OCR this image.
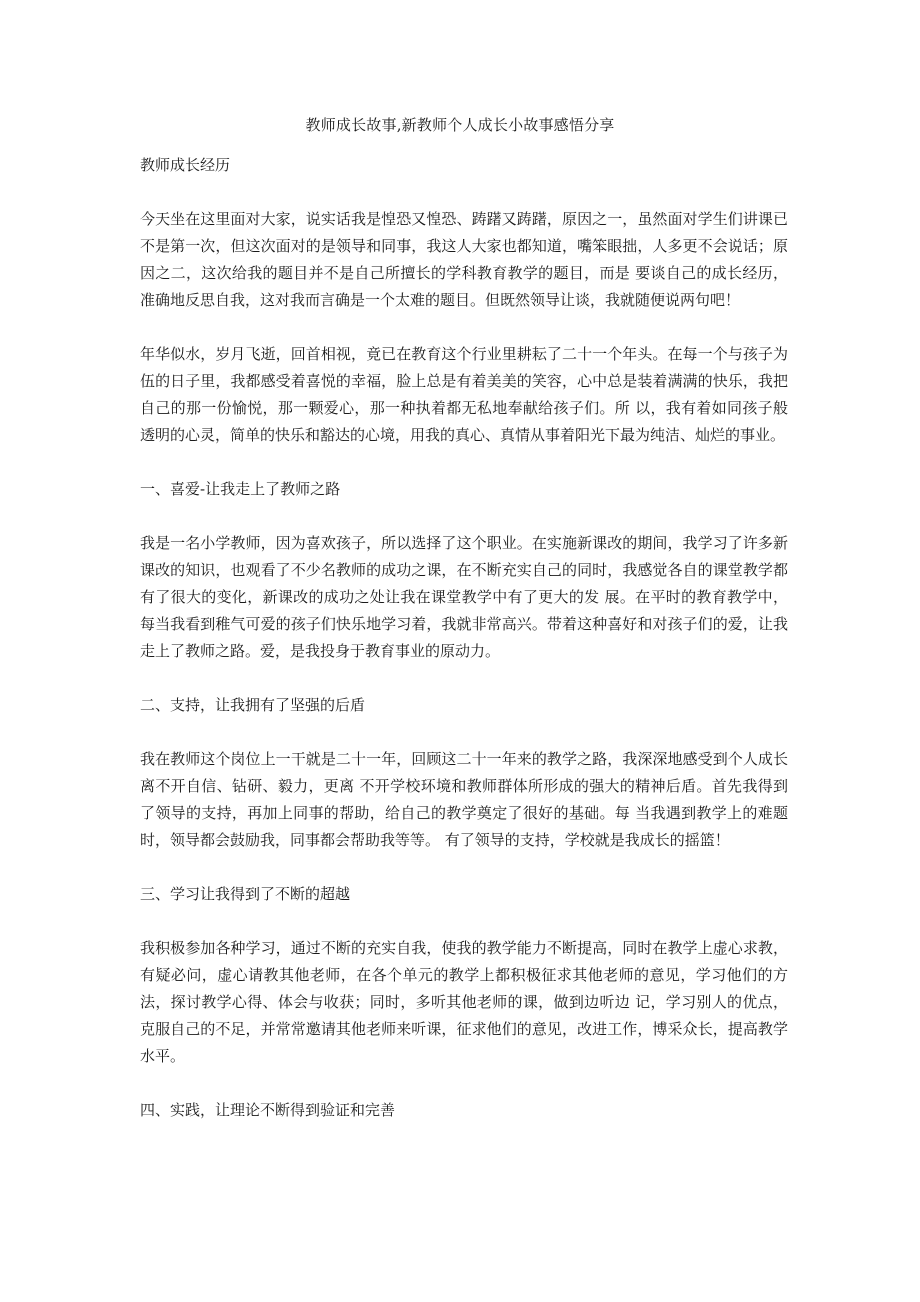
教师成长故事,新教师个人成长小故事感悟分享

教师成长经历

今天坐在这里面对大家，说实话我是惶恐又惶恐、踌躇又踌躇，原因之一，虽然面对学生们讲课已不是第一次，但这次面对的是领导和同事，我这人大家也都知道，嘴笨眼拙，人多更不会说话；原因之二，这次给我的题目并不是自己所擅长的学科教育教学的题目，而是 要谈自己的成长经历，准确地反思自我，这对我而言确是一个太难的题目。但既然领导让谈，我就随便说两句吧！

年华似水，岁月飞逝，回首相视，竟已在教育这个行业里耕耘了二十一个年头。在每一个与孩子为伍的日子里，我都感受着喜悦的幸福，脸上总是有着美美的笑容，心中总是装着满满的快乐，我把自己的那一份愉悦，那一颗爱心，那一种执着都无私地奉献给孩子们。所 以，我有着如同孩子般透明的心灵，简单的快乐和豁达的心境，用我的真心、真情从事着阳光下最为纯洁、灿烂的事业。

一、喜爱-让我走上了教师之路

我是一名小学教师，因为喜欢孩子，所以选择了这个职业。在实施新课改的期间，我学习了许多新课改的知识，也观看了不少名教师的成功之课，在不断充实自己的同时，我感觉各自的课堂教学都有了很大的变化，新课改的成功之处让我在课堂教学中有了更大的发 展。在平时的教育教学中，每当我看到稚气可爱的孩子们快乐地学习着，我就非常高兴。带着这种喜好和对孩子们的爱，让我走上了教师之路。爱，是我投身于教育事业的原动力。

二、支持，让我拥有了坚强的后盾

我在教师这个岗位上一干就是二十一年，回顾这二十一年来的教学之路，我深深地感受到个人成长离不开自信、钻研、毅力，更离 不开学校环境和教师群体所形成的强大的精神后盾。首先我得到了领导的支持，再加上同事的帮助，给自己的教学奠定了很好的基础。每 当我遇到教学上的难题时，领导都会鼓励我，同事都会帮助我等等。 有了领导的支持，学校就是我成长的摇篮！

三、学习让我得到了不断的超越

我积极参加各种学习，通过不断的充实自我，使我的教学能力不断提高，同时在教学上虚心求教，有疑必问，虚心请教其他老师，在各个单元的教学上都积极征求其他老师的意见，学习他们的方法，探讨教学心得、体会与收获；同时，多听其他老师的课，做到边听边 记，学习别人的优点，克服自己的不足，并常常邀请其他老师来听课，征求他们的意见，改进工作，博采众长，提高教学水平。

四、实践，让理论不断得到验证和完善
